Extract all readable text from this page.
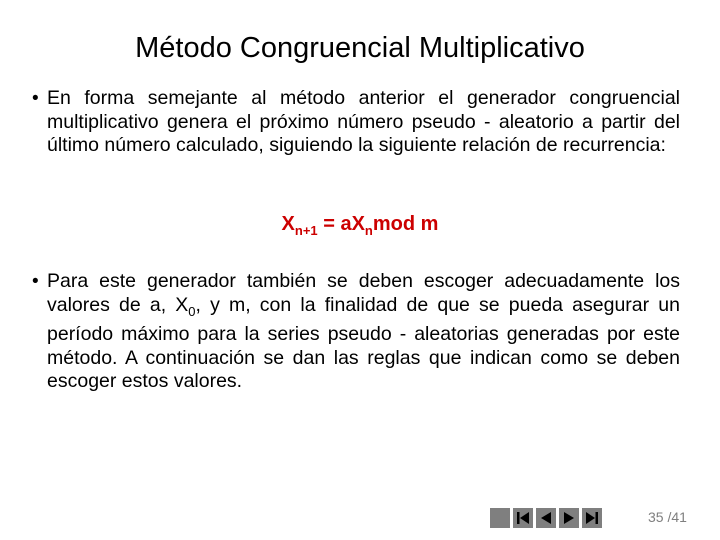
Método Congruencial Multiplicativo
• En forma semejante al método anterior el generador congruencial multiplicativo genera el próximo número pseudo - aleatorio a partir del último número calculado, siguiendo la siguiente relación de recurrencia:
$X_{n+1} = aX_nmod$ m
• Para este generador también se deben escoger adecuadamente los valores de a, $X_0$, y m, con la finalidad de que se pueda asegurar un período máximo para la series pseudo - aleatorias generadas por este método. A continuación se dan las reglas que indican como se deben escoger estos valores.
35 /41
